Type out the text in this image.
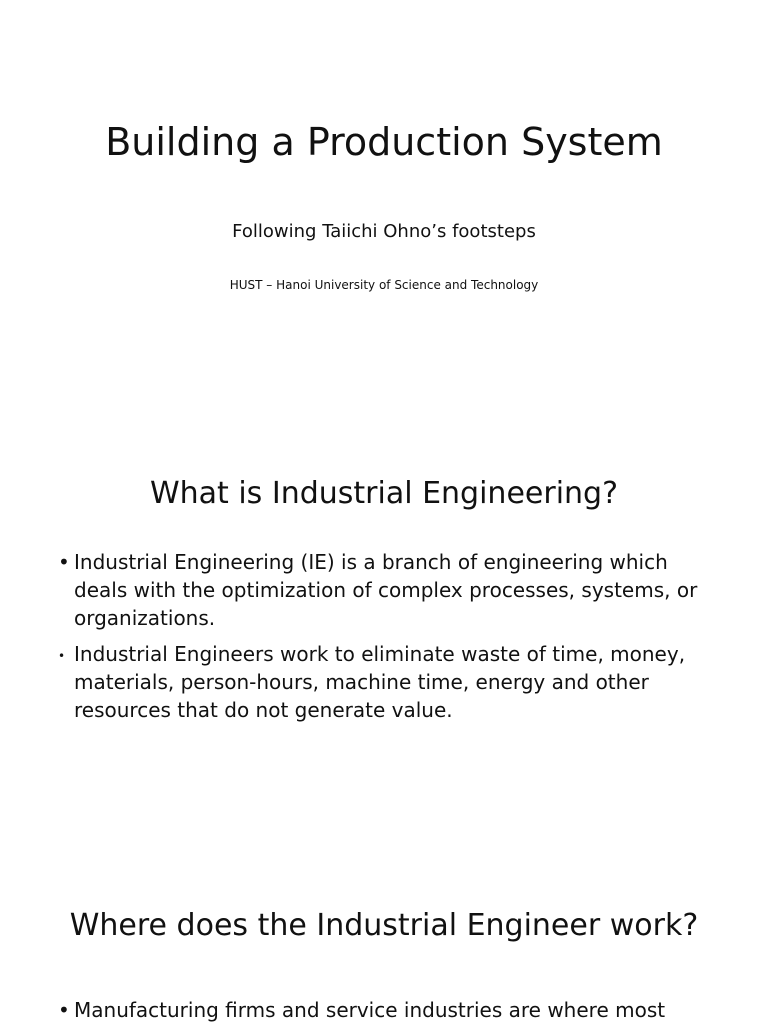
Building a Production System

Following Taiichi Ohno’s footsteps

HUST – Hanoi University of Science and Technology

What is Industrial Engineering?
• Industrial Engineering (IE) is a branch of engineering which deals with the optimization of complex processes, systems, or organizations.
• Industrial Engineers work to eliminate waste of time, money, materials, person-hours, machine time, energy and other resources that do not generate value.
Where does the Industrial Engineer work?
• Manufacturing firms and service industries are where most
